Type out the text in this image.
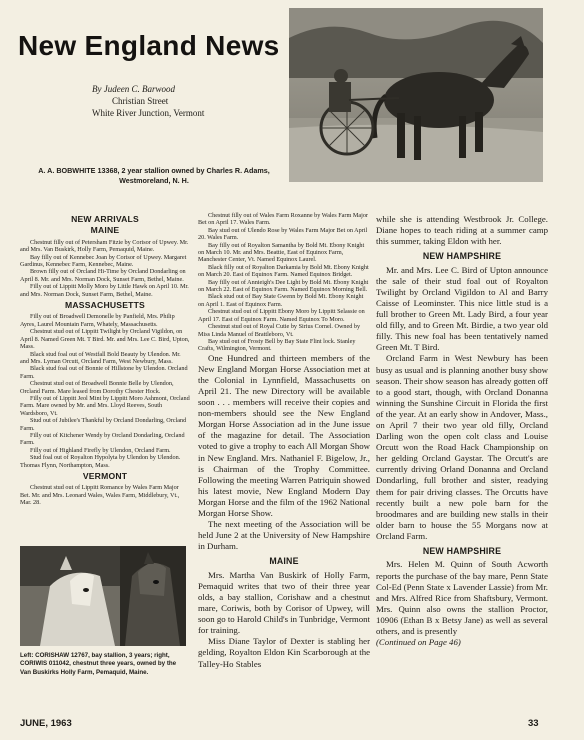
New England News
By Judeen C. Barwood
Christian Street
White River Junction, Vermont
A. A. BOBWHITE 13368, 2 year stallion owned by Charles R. Adams, Westmoreland, N. H.
NEW ARRIVALS
MAINE

Chestnut filly out of Petersham Fitzie by Corisor of Upwey. Mr. and Mrs. Van Buskirk, Holly Farm, Pemaquid, Maine.

Bay filly out of Kennebec Joan by Corisor of Upwey. Margaret Gardinus, Kennebec Farm, Kennebec, Maine.

Brown filly out of Orcland Hi-Time by Orcland Dondarling on April 8. Mr. and Mrs. Norman Dock, Sunset Farm, Bethel, Maine.

Filly out of Lippitt Molly Moro by Little Hawk on April 10. Mr. and Mrs. Norman Dock, Sunset Farm, Bethel, Maine.

MASSACHUSETTS

Filly out of Broadwell Demonelle by Panfield, Mrs. Philip Ayres, Laurel Mountain Farm, Whately, Massachusetts.

Chestnut stud out of Lippitt Twilight by Orcland Vigildon, on April 8. Named Green Mt. T Bird. Mr. and Mrs. Lee C. Bird, Upton, Mass.

Black stud foal out of Westfall Bold Beauty by Ulendon. Mr. and Mrs. Lyman Orcutt, Orcland Farm, West Newbury, Mass.

Black stud foal out of Bonnie of Hillstone by Ulendon. Orcland Farm.

Chestnut stud out of Broadwell Bonnie Belle by Ulendon, Orcland Farm. Mare leased from Dorothy Chester Hock.

Filly out of Lippitt Jeol Mint by Lippitt Moro Ashmont, Orcland Farm. Mare owned by Mr. and Mrs. Lloyd Reeves, South Wardsboro, Vt.

Stud out of Jubilee's Thankful by Orcland Dondarling, Orcland Farm.

Filly out of Kitchener Wendy by Orcland Dondarling, Orcland Farm.

Filly out of Highland Firefly by Ulendon, Orcland Farm.

Stud foal out of Royalton Hypolyta by Ulendon by Ulendon. Thomas Flynn, Northampton, Mass.

VERMONT

Chestnut stud out of Lippitt Romance by Wales Farm Major Bet. Mr. and Mrs. Leonard Wales, Wales Farm, Middlebury, Vt., Mar. 28.

Left: CORISHAW 12767, bay stallion, 3 years; right, CORIWIS 011042, chestnut three years, owned by the Van Buskirks Holly Farm, Pemaquid, Maine.

Chestnut filly out of Wales Farm Roxanne by Wales Farm Major Bet on April 17. Wales Farm.

Bay stud out of Ulendo Rose by Wales Farm Major Bet on April 20. Wales Farm.

Bay filly out of Royalton Samantha by Bold Mt. Ebony Knight on March 10. Mr. and Mrs. Beattie, East of Equinox Farm, Manchester Center, Vt. Named Equinox Laurel.

Black filly out of Royalton Darkamia by Bold Mt. Ebony Knight on March 20. East of Equinox Farm. Named Equinox Bridget.

Bay filly out of Annieigh's Dee Light by Bold Mt. Ebony Knight on March 22. East of Equinox Farm. Named Equinox Morning Bell.

Black stud out of Bay State Gwenn by Bold Mt. Ebony Knight on April 1. East of Equinox Farm.

Chestnut stud out of Lippitt Ebony Moro by Lippitt Selassie on April 17. East of Equinox Farm. Named Equinox To Moro.

Chestnut stud out of Royal Cutie by Sirius Cornel. Owned by Miss Linda Manuel of Brattleboro, Vt.

Bay stud out of Frosty Bell by Bay State Flint lock. Stanley Crafts, Wilmington, Vermont.

One Hundred and thirteen members of the New England Morgan Horse Association met at the Colonial in Lynnfield, Massachusetts on April 21. The new Directory will be available soon . . . members will receive their copies and non-members should see the New England Morgan Horse Association ad in the June issue of the magazine for detail. The Association voted to give a trophy to each All Morgan Show in New England. Mrs. Nathaniel F. Bigelow, Jr., is Chairman of the Trophy Committee. Following the meeting Warren Patriquin showed his latest movie, New England Modern Day Morgan Horse and the film of the 1962 National Morgan Horse Show.

The next meeting of the Association will be held June 2 at the University of New Hampshire in Durham.

MAINE

Mrs. Martha Van Buskirk of Holly Farm, Pemaquid writes that two of their three year olds, a bay stallion, Corishaw and a chestnut mare, Coriwis, both by Corisor of Upwey, will soon go to Harold Child's in Tunbridge, Vermont for training.

Miss Diane Taylor of Dexter is stabling her gelding, Royalton Eldon Kin Scarborough at the Talley-Ho Stables

while she is attending Westbrook Jr. College. Diane hopes to teach riding at a summer camp this summer, taking Eldon with her.

NEW HAMPSHIRE

Mr. and Mrs. Lee C. Bird of Upton announce the sale of their stud foal out of Royalton Twilight by Orcland Vigildon to Al and Barry Caisse of Leominster. This nice little stud is a full brother to Green Mt. Lady Bird, a four year old filly, and to Green Mt. Birdie, a two year old filly. This new foal has been tentatively named Green Mt. T Bird.

Orcland Farm in West Newbury has been busy as usual and is planning another busy show season. Their show season has already gotten off to a good start, though, with Orcland Donanna winning the Sunshine Circuit in Florida the first of the year. At an early show in Andover, Mass., on April 7 their two year old filly, Orcland Darling won the open colt class and Louise Orcutt won the Road Hack Championship on her gelding Orcland Gaystar. The Orcutt's are currently driving Orland Donanna and Orcland Dondarling, full brother and sister, readying them for pair driving classes. The Orcutts have recently built a new pole barn for the broodmares and are building new stalls in their older barn to house the 55 Morgans now at Orcland Farm.

NEW HAMPSHIRE

Mrs. Helen M. Quinn of South Acworth reports the purchase of the bay mare, Penn State Col-Ed (Penn State x Lavender Lassie) from Mr. and Mrs. Alfred Rice from Shaftsbury, Vermont. Mrs. Quinn also owns the stallion Proctor, 10906 (Ethan B x Betsy Jane) as well as several others, and is presently

(Continued on Page 46)

JUNE, 1963	33
